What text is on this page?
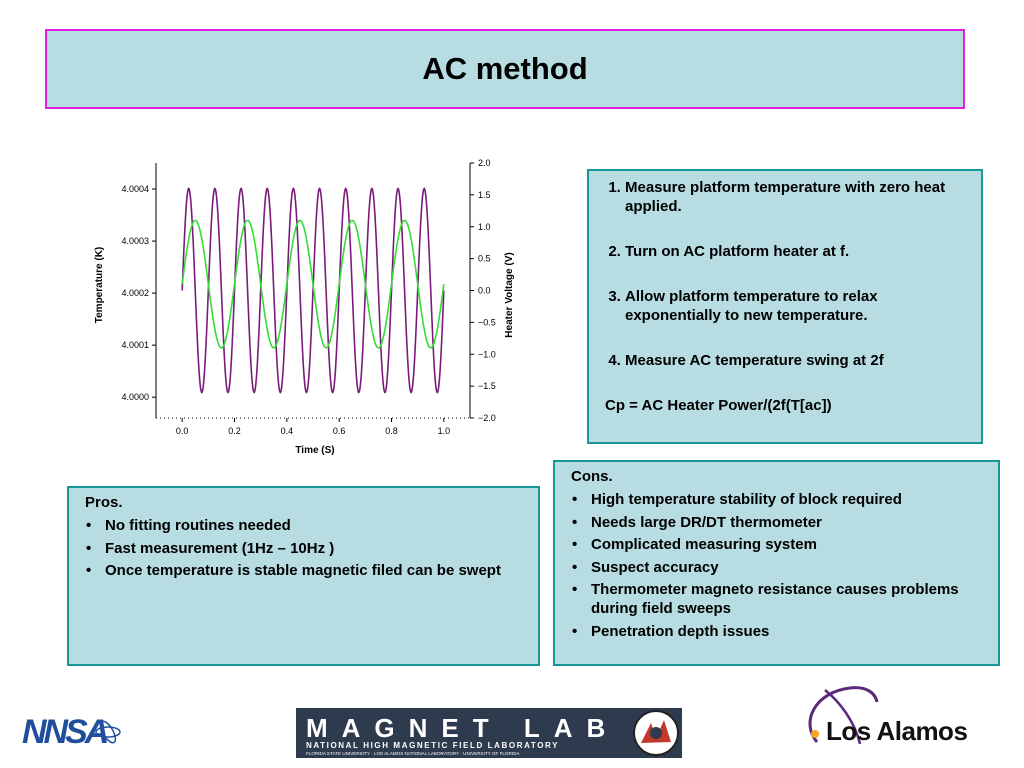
AC method
0.0	0.2	0.4	0.6	0.8	1.0
4.0000
4.0001
4.0002
4.0003
4.0004
2.0
1.5
1.0
0.5
0.0
−0.5
−1.0
−1.5
−2.0
Time (S)
Temperature (K)	Heater Voltage (V)
1. Measure platform temperature with zero heat applied.
2. Turn on AC platform heater at f.
3. Allow platform temperature to relax exponentially to new temperature.
4. Measure AC temperature swing at 2f

Cp = AC Heater Power/(2f(T[ac])

Pros.

• No fitting routines needed
• Fast measurement (1Hz – 10Hz )
• Once temperature is stable magnetic filed can be swept

Cons.

• High temperature stability of block required
• Needs large DR/DT thermometer
• Complicated measuring system
• Suspect accuracy
• Thermometer magneto resistance causes problems during field sweeps
• Penetration depth issues
NNSA	MAGNET LAB
NATIONAL HIGH MAGNETIC FIELD LABORATORY
FLORIDA STATE UNIVERSITY · LOS ALAMOS NATIONAL LABORATORY · UNIVERSITY OF FLORIDA
Los Alamos
